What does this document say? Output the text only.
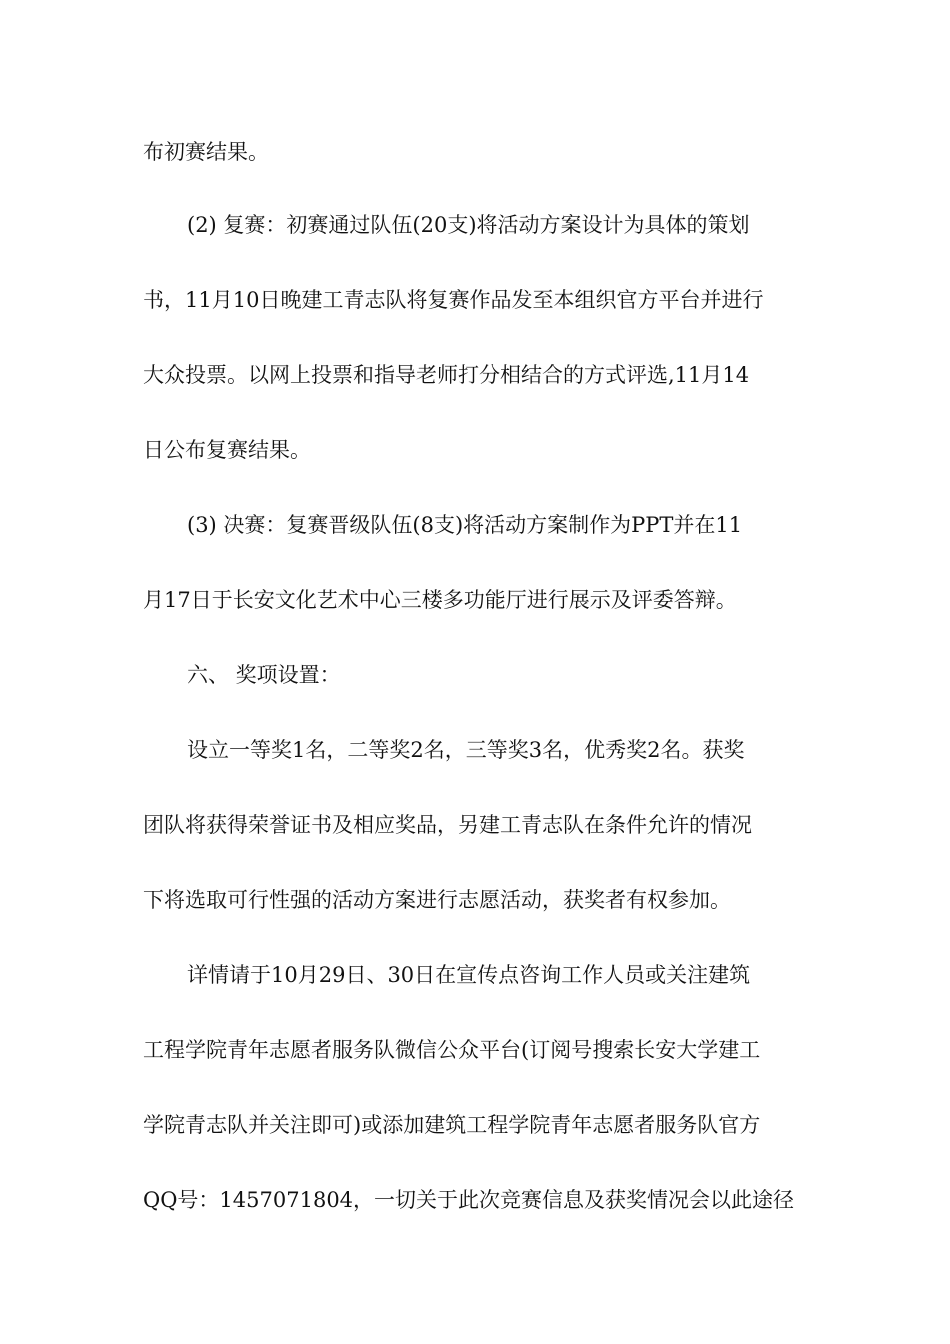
布初赛结果。
(2) 复赛：初赛通过队伍(20支)将活动方案设计为具体的策划
书，11月10日晚建工青志队将复赛作品发至本组织官方平台并进行
大众投票。以网上投票和指导老师打分相结合的方式评选,11月14
日公布复赛结果。
(3) 决赛：复赛晋级队伍(8支)将活动方案制作为PPT并在11
月17日于长安文化艺术中心三楼多功能厅进行展示及评委答辩。
六、 奖项设置：
设立一等奖1名，二等奖2名，三等奖3名，优秀奖2名。获奖
团队将获得荣誉证书及相应奖品，另建工青志队在条件允许的情况
下将选取可行性强的活动方案进行志愿活动，获奖者有权参加。
详情请于10月29日、30日在宣传点咨询工作人员或关注建筑
工程学院青年志愿者服务队微信公众平台(订阅号搜索长安大学建工
学院青志队并关注即可)或添加建筑工程学院青年志愿者服务队官方
QQ号：1457071804，一切关于此次竞赛信息及获奖情况会以此途径
